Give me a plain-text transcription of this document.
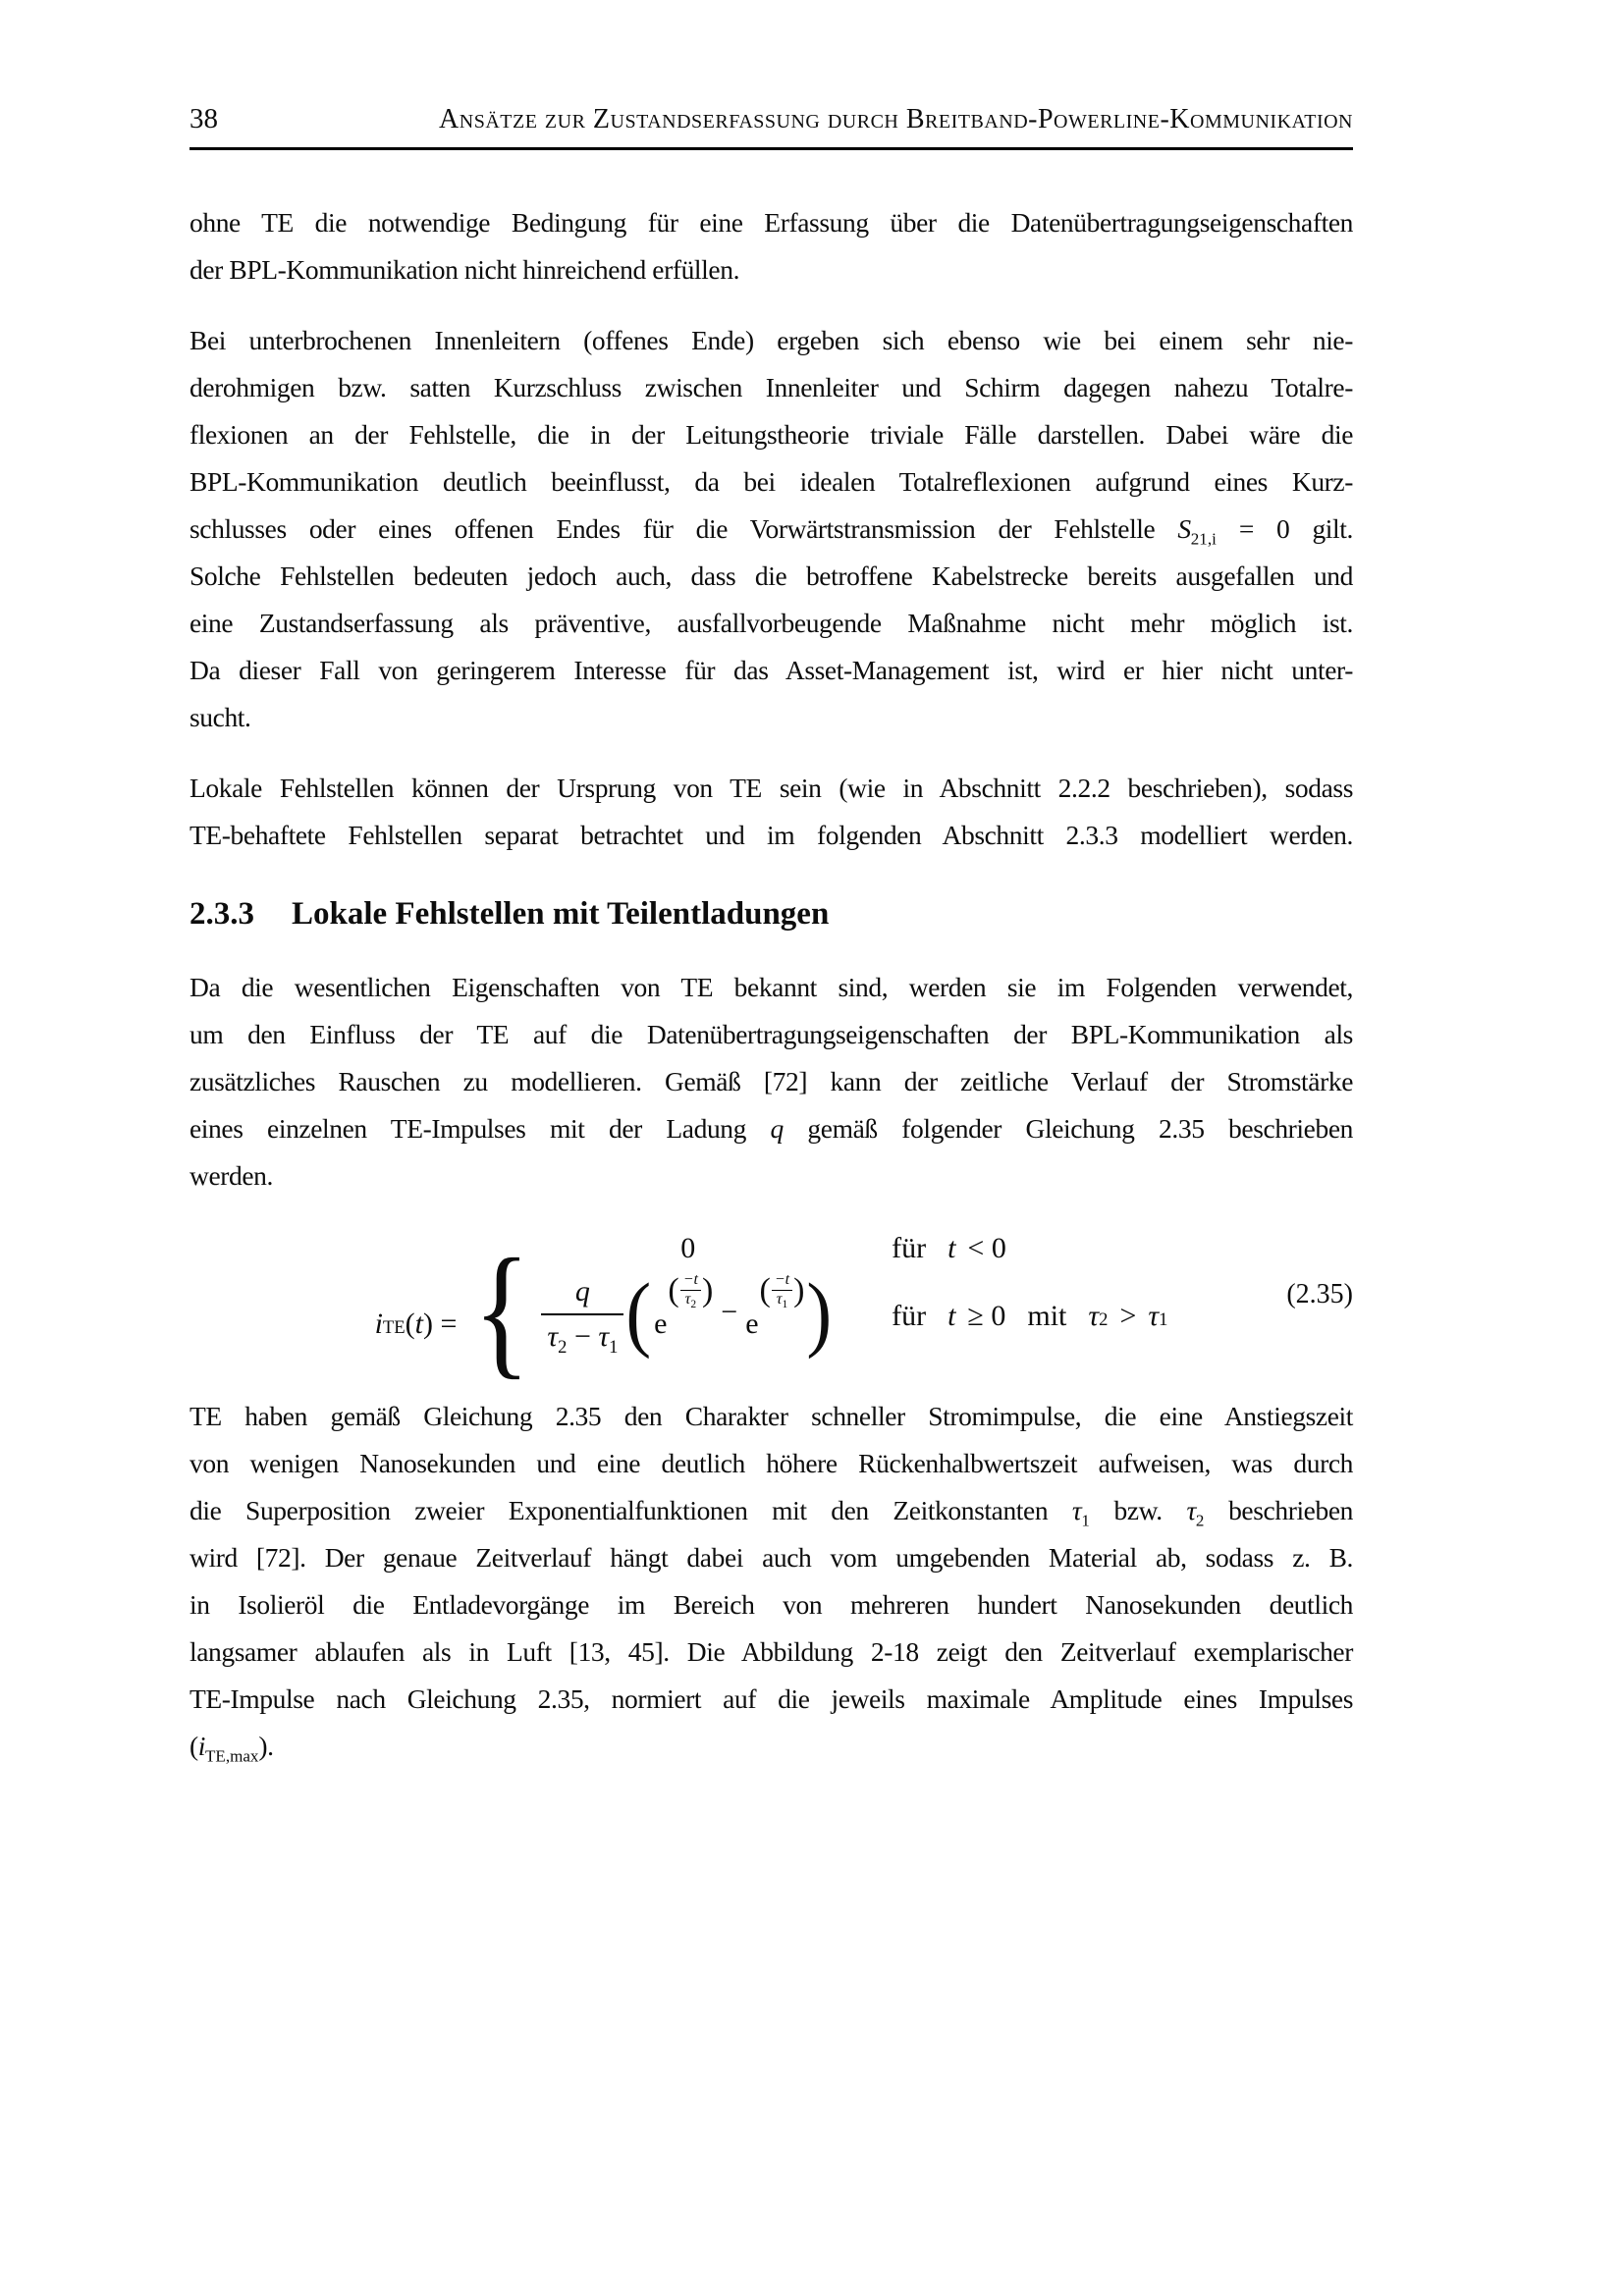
38	Ansätze zur Zustandserfassung durch Breitband-Powerline-Kommunikation
ohne TE die notwendige Bedingung für eine Erfassung über die Datenübertragungseigenschaften
der BPL-Kommunikation nicht hinreichend erfüllen.
Bei unterbrochenen Innenleitern (offenes Ende) ergeben sich ebenso wie bei einem sehr nie-
derohmigen bzw. satten Kurzschluss zwischen Innenleiter und Schirm dagegen nahezu Totalre-
flexionen an der Fehlstelle, die in der Leitungstheorie triviale Fälle darstellen. Dabei wäre die
BPL-Kommunikation deutlich beeinflusst, da bei idealen Totalreflexionen aufgrund eines Kurz-
schlusses oder eines offenen Endes für die Vorwärtstransmission der Fehlstelle $S_{21,i} = 0$ gilt.
Solche Fehlstellen bedeuten jedoch auch, dass die betroffene Kabelstrecke bereits ausgefallen und
eine Zustandserfassung als präventive, ausfallvorbeugende Maßnahme nicht mehr möglich ist.
Da dieser Fall von geringerem Interesse für das Asset-Management ist, wird er hier nicht unter-
sucht.
Lokale Fehlstellen können der Ursprung von TE sein (wie in Abschnitt 2.2.2 beschrieben), sodass
TE-behaftete Fehlstellen separat betrachtet und im folgenden Abschnitt 2.3.3 modelliert werden.
2.3.3 Lokale Fehlstellen mit Teilentladungen
Da die wesentlichen Eigenschaften von TE bekannt sind, werden sie im Folgenden verwendet,
um den Einfluss der TE auf die Datenübertragungseigenschaften der BPL-Kommunikation als
zusätzliches Rauschen zu modellieren. Gemäß [72] kann der zeitliche Verlauf der Stromstärke
eines einzelnen TE-Impulses mit der Ladung q gemäß folgender Gleichung 2.35 beschrieben
werden.
i TE ( t ) = {	0	für t < 0
$\frac{q}{\tau_2 - \tau_1}$ ( e
( $\frac{-t}{\tau_2}$ )
− e
( $\frac{-t}{\tau_1}$ ) ) für t ≥ 0 mit τ 2 > τ 1
(2.35)
TE haben gemäß Gleichung 2.35 den Charakter schneller Stromimpulse, die eine Anstiegszeit
von wenigen Nanosekunden und eine deutlich höhere Rückenhalbwertszeit aufweisen, was durch
die Superposition zweier Exponentialfunktionen mit den Zeitkonstanten $\tau_1$ bzw. $\tau_2$ beschrieben
wird [72]. Der genaue Zeitverlauf hängt dabei auch vom umgebenden Material ab, sodass z. B.
in Isolieröl die Entladevorgänge im Bereich von mehreren hundert Nanosekunden deutlich
langsamer ablaufen als in Luft [13, 45]. Die Abbildung 2-18 zeigt den Zeitverlauf exemplarischer
TE-Impulse nach Gleichung 2.35, normiert auf die jeweils maximale Amplitude eines Impulses
$(i_{TE,max})$.
